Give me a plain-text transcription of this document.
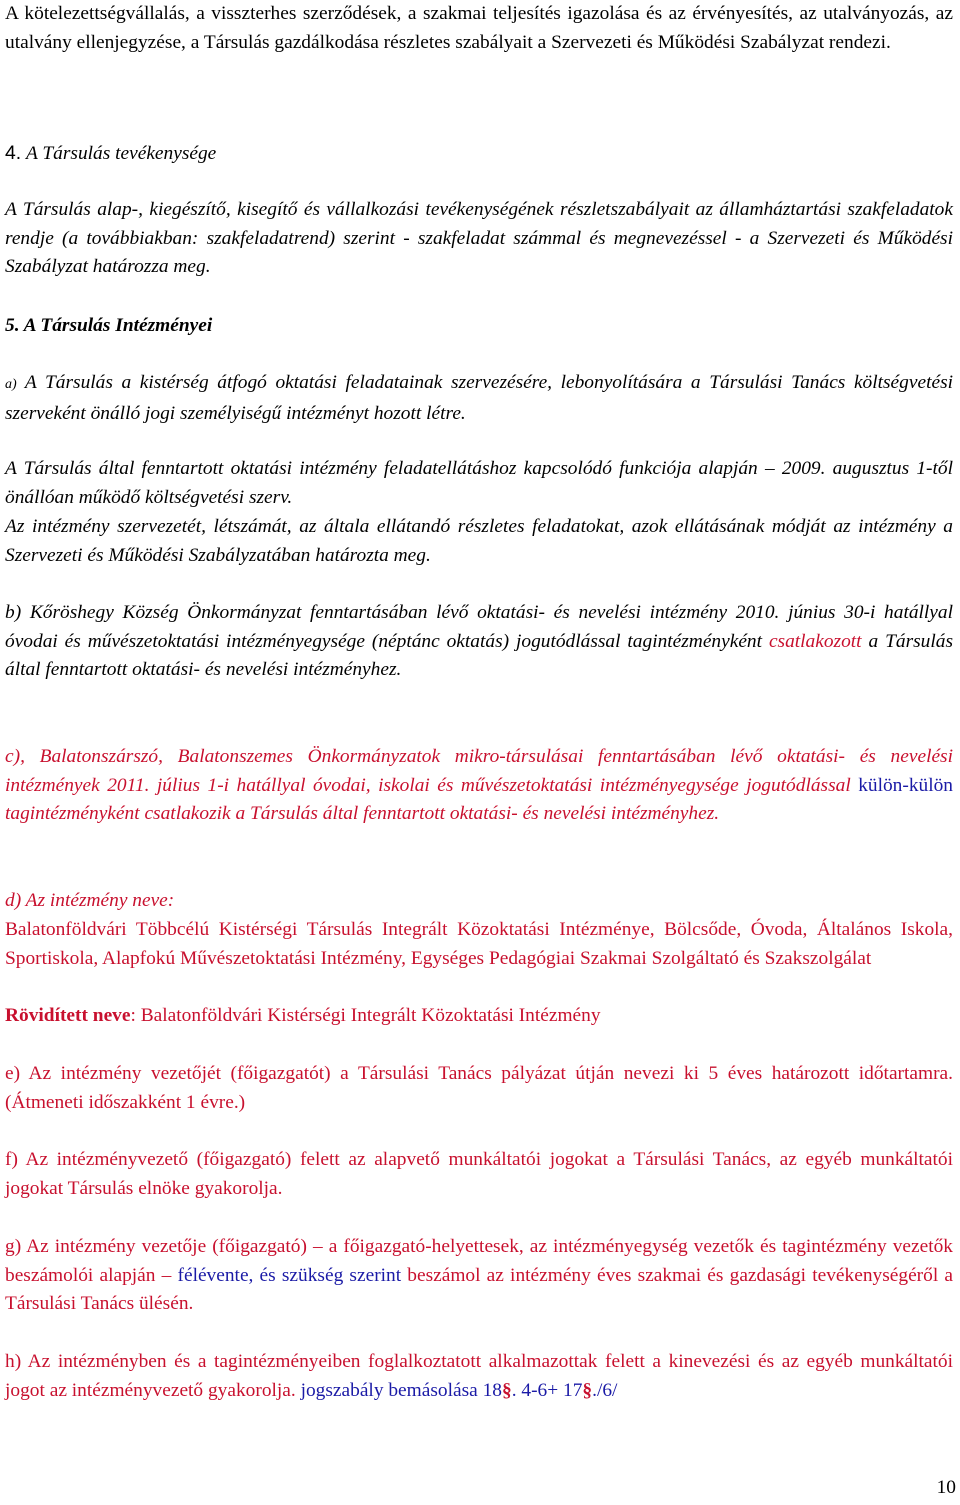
A kötelezettségvállalás, a visszterhes szerződések, a szakmai teljesítés igazolása és az érvényesítés, az utalványozás, az utalvány ellenjegyzése, a Társulás gazdálkodása részletes szabályait a Szervezeti és Működési Szabályzat rendezi.

4. A Társulás tevékenysége

A Társulás alap-, kiegészítő, kisegítő és vállalkozási tevékenységének részletszabályait az államháztartási szakfeladatok rendje (a továbbiakban: szakfeladatrend) szerint - szakfeladat számmal és megnevezéssel - a Szervezeti és Működési Szabályzat határozza meg.

5. A Társulás Intézményei

a) A Társulás a kistérség átfogó oktatási feladatainak szervezésére, lebonyolítására a Társulási Tanács költségvetési szerveként önálló jogi személyiségű intézményt hozott létre.

A Társulás által fenntartott oktatási intézmény feladatellátáshoz kapcsolódó funkciója alapján – 2009. augusztus 1-től önállóan működő költségvetési szerv.

Az intézmény szervezetét, létszámát, az általa ellátandó részletes feladatokat, azok ellátásának módját az intézmény a Szervezeti és Működési Szabályzatában határozta meg.

b) Kőröshegy Község Önkormányzat fenntartásában lévő oktatási- és nevelési intézmény 2010. június 30-i hatállyal óvodai és művészetoktatási intézményegysége (néptánc oktatás) jogutódlással tagintézményként csatlakozott a Társulás által fenntartott oktatási- és nevelési intézményhez.

c), Balatonszárszó, Balatonszemes Önkormányzatok mikro-társulásai fenntartásában lévő oktatási- és nevelési intézmények 2011. július 1-i hatállyal óvodai, iskolai és művészetoktatási intézményegysége jogutódlással külön-külön tagintézményként csatlakozik a Társulás által fenntartott oktatási- és nevelési intézményhez.

d) Az intézmény neve:

Balatonföldvári Többcélú Kistérségi Társulás Integrált Közoktatási Intézménye, Bölcsőde, Óvoda, Általános Iskola, Sportiskola, Alapfokú Művészetoktatási Intézmény, Egységes Pedagógiai Szakmai Szolgáltató és Szakszolgálat

Rövidített neve: Balatonföldvári Kistérségi Integrált Közoktatási Intézmény

e) Az intézmény vezetőjét (főigazgatót) a Társulási Tanács pályázat útján nevezi ki 5 éves határozott időtartamra. (Átmeneti időszakként 1 évre.)

f) Az intézményvezető (főigazgató) felett az alapvető munkáltatói jogokat a Társulási Tanács, az egyéb munkáltatói jogokat Társulás elnöke gyakorolja.

g) Az intézmény vezetője (főigazgató) – a főigazgató-helyettesek, az intézményegység vezetők és tagintézmény vezetők beszámolói alapján – félévente, és szükség szerint beszámol az intézmény éves szakmai és gazdasági tevékenységéről a Társulási Tanács ülésén.

h) Az intézményben és a tagintézményeiben foglalkoztatott alkalmazottak felett a kinevezési és az egyéb munkáltatói jogot az intézményvezető gyakorolja. jogszabály bemásolása 18§. 4-6+ 17§./6/

10
